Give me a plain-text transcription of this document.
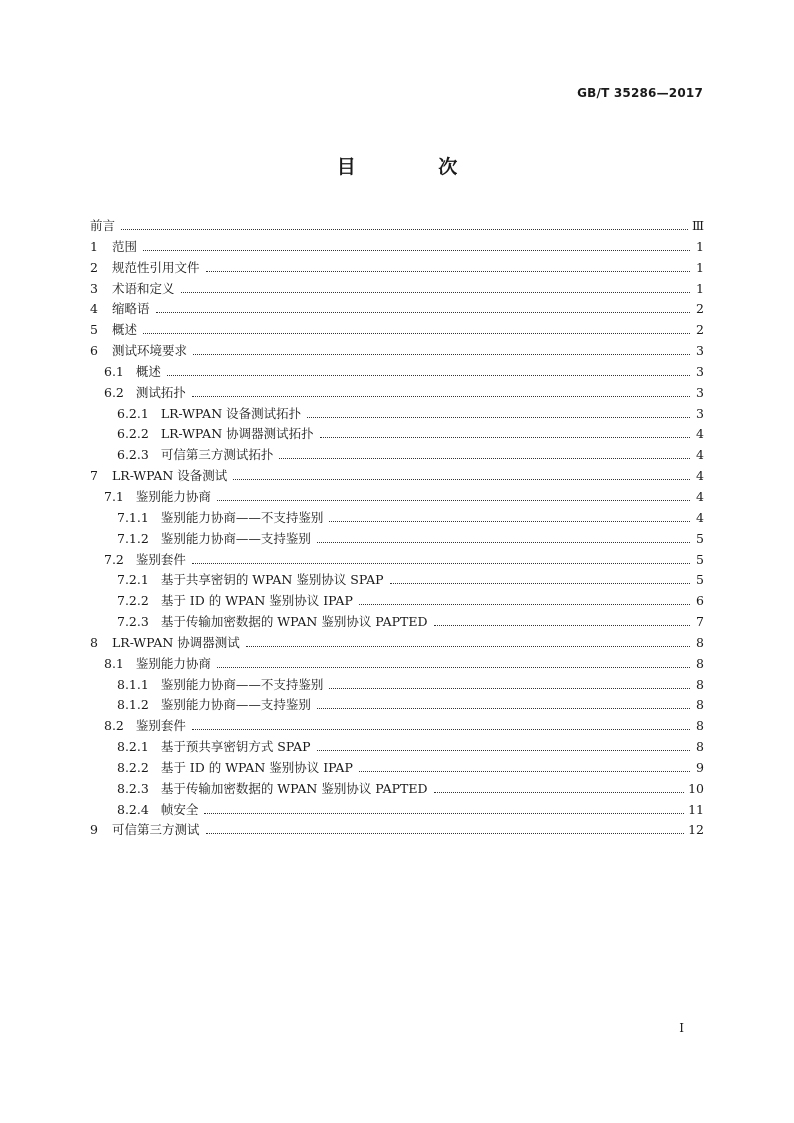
GB/T 35286—2017
目 次
前言	Ⅲ
1 范围	1
2 规范性引用文件	1
3 术语和定义	1
4 缩略语	2
5 概述	2
6 测试环境要求	3
6.1 概述	3
6.2 测试拓扑	3
6.2.1 LR-WPAN 设备测试拓扑	3
6.2.2 LR-WPAN 协调器测试拓扑	4
6.2.3 可信第三方测试拓扑	4
7 LR-WPAN 设备测试	4
7.1 鉴别能力协商	4
7.1.1 鉴别能力协商——不支持鉴别	4
7.1.2 鉴别能力协商——支持鉴别	5
7.2 鉴别套件	5
7.2.1 基于共享密钥的 WPAN 鉴别协议 SPAP	5
7.2.2 基于 ID 的 WPAN 鉴别协议 IPAP	6
7.2.3 基于传输加密数据的 WPAN 鉴别协议 PAPTED	7
8 LR-WPAN 协调器测试	8
8.1 鉴别能力协商	8
8.1.1 鉴别能力协商——不支持鉴别	8
8.1.2 鉴别能力协商——支持鉴别	8
8.2 鉴别套件	8
8.2.1 基于预共享密钥方式 SPAP	8
8.2.2 基于 ID 的 WPAN 鉴别协议 IPAP	9
8.2.3 基于传输加密数据的 WPAN 鉴别协议 PAPTED	10
8.2.4 帧安全	11
9 可信第三方测试	12
I
